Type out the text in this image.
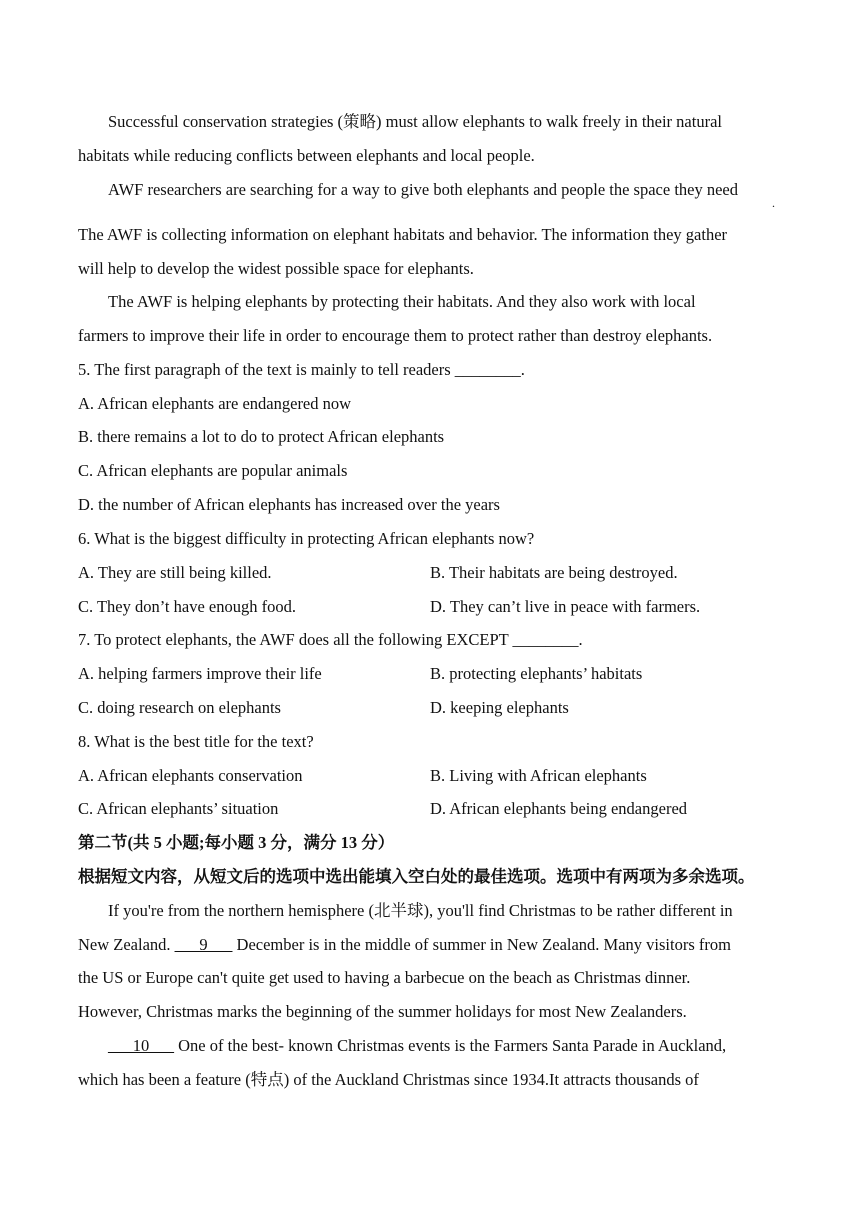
Successful conservation strategies (策略) must allow elephants to walk freely in their natural
habitats while reducing conflicts between elephants and local people.
AWF researchers are searching for a way to give both elephants and people the space they need
.
The AWF is collecting information on elephant habitats and behavior. The information they gather
will help to develop the widest possible space for elephants.
The AWF is helping elephants by protecting their habitats. And they also work with local
farmers to improve their life in order to encourage them to protect rather than destroy elephants.
5. The first paragraph of the text is mainly to tell readers ________.
A. African elephants are endangered now
B. there remains a lot to do to protect African elephants
C. African elephants are popular animals
D. the number of African elephants has increased over the years
6. What is the biggest difficulty in protecting African elephants now?
A. They are still being killed.	B. Their habitats are being destroyed.
C. They don’t have enough food.	D. They can’t live in peace with farmers.
7. To protect elephants, the AWF does all the following EXCEPT ________.
A. helping farmers improve their life	B. protecting elephants’ habitats
C. doing research on elephants	D. keeping elephants
8. What is the best title for the text?
A. African elephants conservation	B. Living with African elephants
C. African elephants’ situation	D. African elephants being endangered
第二节(共 5 小题;每小题 3 分，满分 13 分）
根据短文内容，从短文后的选项中选出能填入空白处的最佳选项。选项中有两项为多余选项。
If you're from the northern hemisphere (北半球), you'll find Christmas to be rather different in
New Zealand. ___9___ December is in the middle of summer in New Zealand. Many visitors from
the US or Europe can't quite get used to having a barbecue on the beach as Christmas dinner.
However, Christmas marks the beginning of the summer holidays for most New Zealanders.
___10___ One of the best- known Christmas events is the Farmers Santa Parade in Auckland,
which has been a feature (特点) of the Auckland Christmas since 1934.It attracts thousands of
